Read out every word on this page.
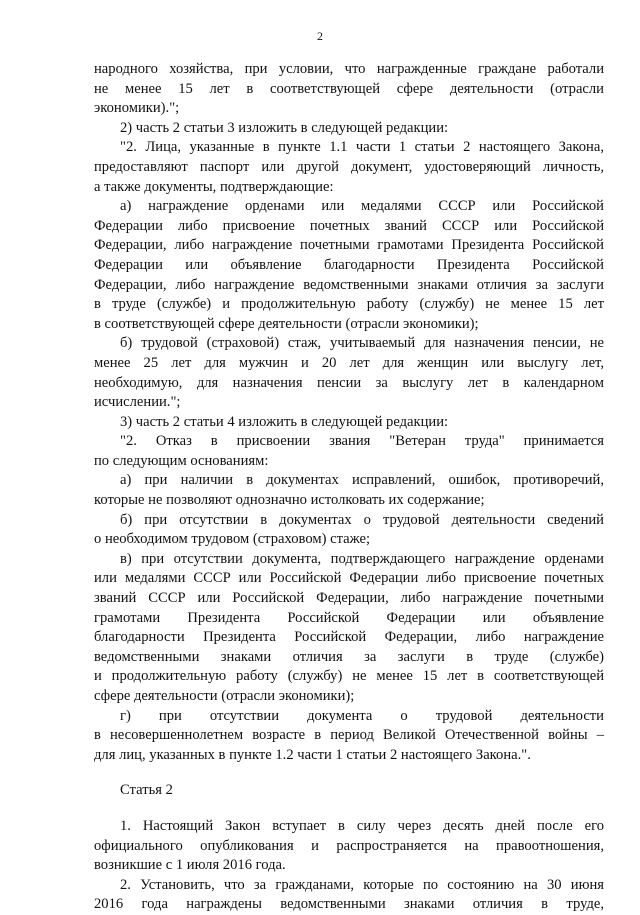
2
народного хозяйства, при условии, что награжденные граждане работали
не менее 15 лет в соответствующей сфере деятельности (отрасли
экономики).";
2) часть 2 статьи 3 изложить в следующей редакции:
"2. Лица, указанные в пункте 1.1 части 1 статьи 2 настоящего Закона,
предоставляют паспорт или другой документ, удостоверяющий личность,
а также документы, подтверждающие:
а) награждение орденами или медалями СССР или Российской
Федерации либо присвоение почетных званий СССР или Российской
Федерации, либо награждение почетными грамотами Президента Российской
Федерации или объявление благодарности Президента Российской
Федерации, либо награждение ведомственными знаками отличия за заслуги
в труде (службе) и продолжительную работу (службу) не менее 15 лет
в соответствующей сфере деятельности (отрасли экономики);
б) трудовой (страховой) стаж, учитываемый для назначения пенсии, не
менее 25 лет для мужчин и 20 лет для женщин или выслугу лет,
необходимую, для назначения пенсии за выслугу лет в календарном
исчислении.";
3) часть 2 статьи 4 изложить в следующей редакции:
"2. Отказ в присвоении звания "Ветеран труда" принимается
по следующим основаниям:
а) при наличии в документах исправлений, ошибок, противоречий,
которые не позволяют однозначно истолковать их содержание;
б) при отсутствии в документах о трудовой деятельности сведений
о необходимом трудовом (страховом) стаже;
в) при отсутствии документа, подтверждающего награждение орденами
или медалями СССР или Российской Федерации либо присвоение почетных
званий СССР или Российской Федерации, либо награждение почетными
грамотами Президента Российской Федерации или объявление
благодарности Президента Российской Федерации, либо награждение
ведомственными знаками отличия за заслуги в труде (службе)
и продолжительную работу (службу) не менее 15 лет в соответствующей
сфере деятельности (отрасли экономики);
г) при отсутствии документа о трудовой деятельности
в несовершеннолетнем возрасте в период Великой Отечественной войны –
для лиц, указанных в пункте 1.2 части 1 статьи 2 настоящего Закона.".
Статья 2
1. Настоящий Закон вступает в силу через десять дней после его
официального опубликования и распространяется на правоотношения,
возникшие с 1 июля 2016 года.
2. Установить, что за гражданами, которые по состоянию на 30 июня
2016 года награждены ведомственными знаками отличия в труде,
